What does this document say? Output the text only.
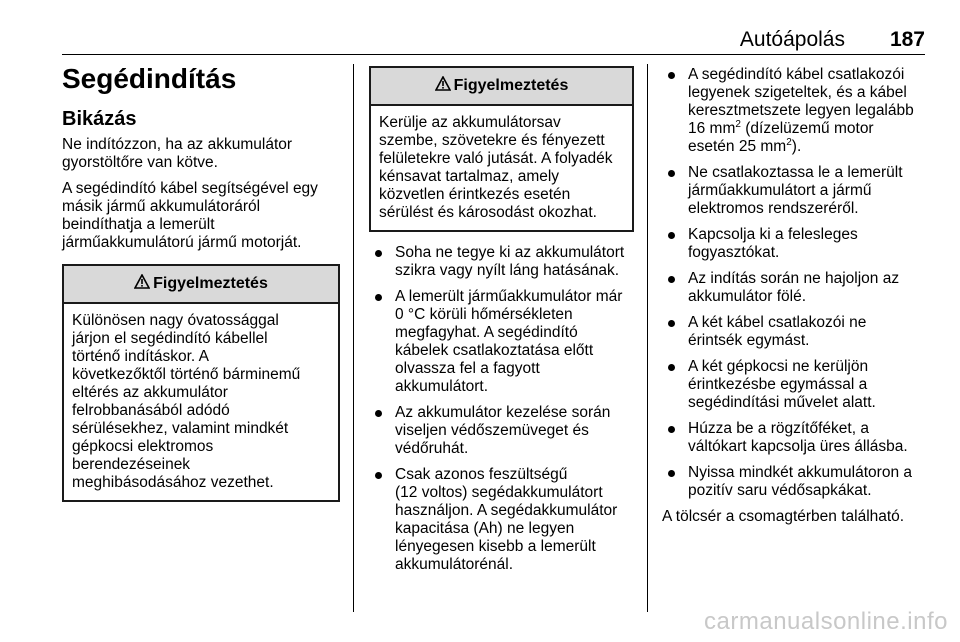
Autóápolás 187
Segédindítás
Bikázás

Ne indítózzon, ha az akkumulátor
gyorstöltőre van kötve.

A segédindító kábel segítségével egy
másik jármű akkumulátoráról
beindíthatja a lemerült
járműakkumulátorú jármű motorját.

Figyelmeztetés
Különösen nagy óvatossággal
járjon el segédindító kábellel
történő indításkor. A
következőktől történő bárminemű
eltérés az akkumulátor
felrobbanásából adódó
sérülésekhez, valamint mindkét
gépkocsi elektromos
berendezéseinek
meghibásodásához vezethet.
Figyelmeztetés
Kerülje az akkumulátorsav
szembe, szövetekre és fényezett
felületekre való jutását. A folyadék
kénsavat tartalmaz, amely
közvetlen érintkezés esetén
sérülést és károsodást okozhat.
Soha ne tegye ki az akkumulátort
szikra vagy nyílt láng hatásának.
A lemerült járműakkumulátor már
0 °C körüli hőmérsékleten
megfagyhat. A segédindító
kábelek csatlakoztatása előtt
olvassza fel a fagyott
akkumulátort.
Az akkumulátor kezelése során
viseljen védőszemüveget és
védőruhát.
Csak azonos feszültségű
(12 voltos) segédakkumulátort
használjon. A segédakkumulátor
kapacitása (Ah) ne legyen
lényegesen kisebb a lemerült
akkumulátorénál.
A segédindító kábel csatlakozói
legyenek szigeteltek, és a kábel
keresztmetszete legyen legalább
16 $mm^2$ (dízelüzemű motor
esetén 25 $mm^2$).
Ne csatlakoztassa le a lemerült
járműakkumulátort a jármű
elektromos rendszeréről.
Kapcsolja ki a felesleges
fogyasztókat.
Az indítás során ne hajoljon az
akkumulátor fölé.
A két kábel csatlakozói ne
érintsék egymást.
A két gépkocsi ne kerüljön
érintkezésbe egymással a
segédindítási művelet alatt.
Húzza be a rögzítőféket, a
váltókart kapcsolja üres állásba.
Nyissa mindkét akkumulátoron a
pozitív saru védősapkákat.

A tölcsér a csomagtérben található.

carmanualsonline.info
